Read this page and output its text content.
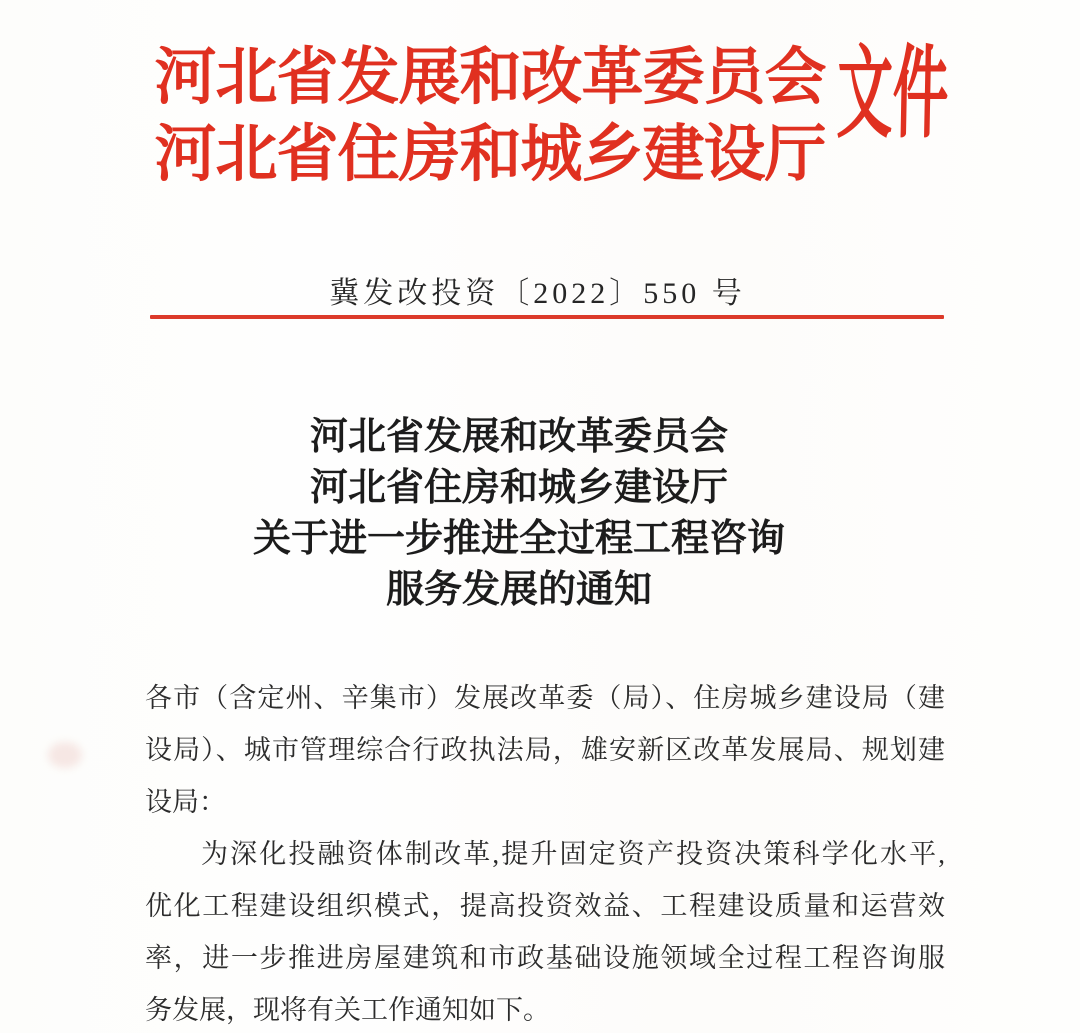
河北省发展和改革委员会
河北省住房和城乡建设厅
文件
冀发改投资〔2022〕550 号
河北省发展和改革委员会
河北省住房和城乡建设厅
关于进一步推进全过程工程咨询
服务发展的通知
各市（含定州、辛集市）发展改革委（局）、住房城乡建设局（建
设局）、城市管理综合行政执法局，雄安新区改革发展局、规划建
设局：
为深化投融资体制改革,提升固定资产投资决策科学化水平,
优化工程建设组织模式，提高投资效益、工程建设质量和运营效
率，进一步推进房屋建筑和市政基础设施领域全过程工程咨询服
务发展，现将有关工作通知如下。
